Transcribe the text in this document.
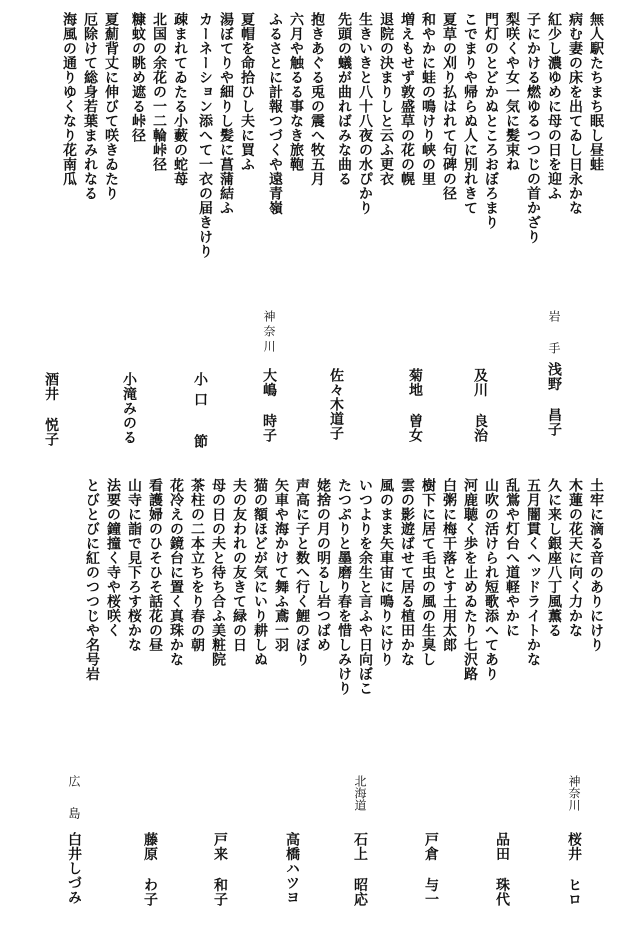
無人駅たちまち眠し昼蛙
病む妻の床を出てゐし日永かな
紅少し濃ゆめに母の日を迎ふ
子にかける燃ゆるつつじの首かざり
岩 手
浅野 昌子
梨咲くや女一気に髪束ね
門灯のとどかぬところおぼろまり
こでまりや帰らぬ人に別れきて
及川 良治
夏草の刈り払はれて句碑の径
和やかに蛙の鳴けり峡の里
増えもせず敦盛草の花の幌
菊地 曽女
退院の決まりしと云ふ更衣
生きいきと八十八夜の水ぴかり
先頭の蟻が曲ればみな曲る
佐々木道子
抱きあぐる兎の震へ牧五月
六月や触るる事なき旅鞄
ふるさとに計報つづくや遠青嶺
神奈川
大嶋 時子
夏帽を命拾ひし夫に買ふ
湯ぼてりや細りし髪に菖蒲結ふ
カーネーション添へて一衣の届きけり
小口 節
疎まれてゐたる小藪の蛇苺
北国の余花の一二輪峠径
糠蚊の眺め遮る峠径
小滝みのる
夏薊背丈に伸びて咲きゐたり
厄除けて総身若葉まみれなる
海風の通りゆくなり花南瓜
酒井 悦子
土牢に滴る音のありにけり
木蓮の花天に向く力かな
久に来し銀座八丁風薫る
神奈川
桜井 ヒロ
五月闇貫くヘッドライトかな
乱鴬や灯台へ道軽やかに
山吹の活けられ短歌添へてあり
品田 珠代
河鹿聴く歩を止めゐたり七沢路
白粥に梅干落とす土用太郎
樹下に居て毛虫の風の生臭し
戸倉 与一
雲の影遊ばせて居る植田かな
風のまま矢車宙に鳴りにけり
いつよりを余生と言ふや日向ぼこ
北海道
石上 昭応
たつぷりと墨磨り春を惜しみけり
姥捨の月の明るし岩つばめ
声高に子と数へ行く鯉のぼり
高橋ハツヨ
矢車や海かけて舞ふ鳶一羽
猫の額ほどが気にいり耕しぬ
夫の友われの友きて緑の日
戸来 和子
母の日の夫と待ち合ふ美粧院
茶柱の二本立ちをり春の朝
花冷えの鏡台に置く真珠かな
藤原 わ子
看護婦のひそひそ話花の昼
山寺に詣で見下ろす桜かな
法要の鐘撞く寺や桜咲く
とびとびに紅のつつじや名号岩
広 島
白井しづみ
